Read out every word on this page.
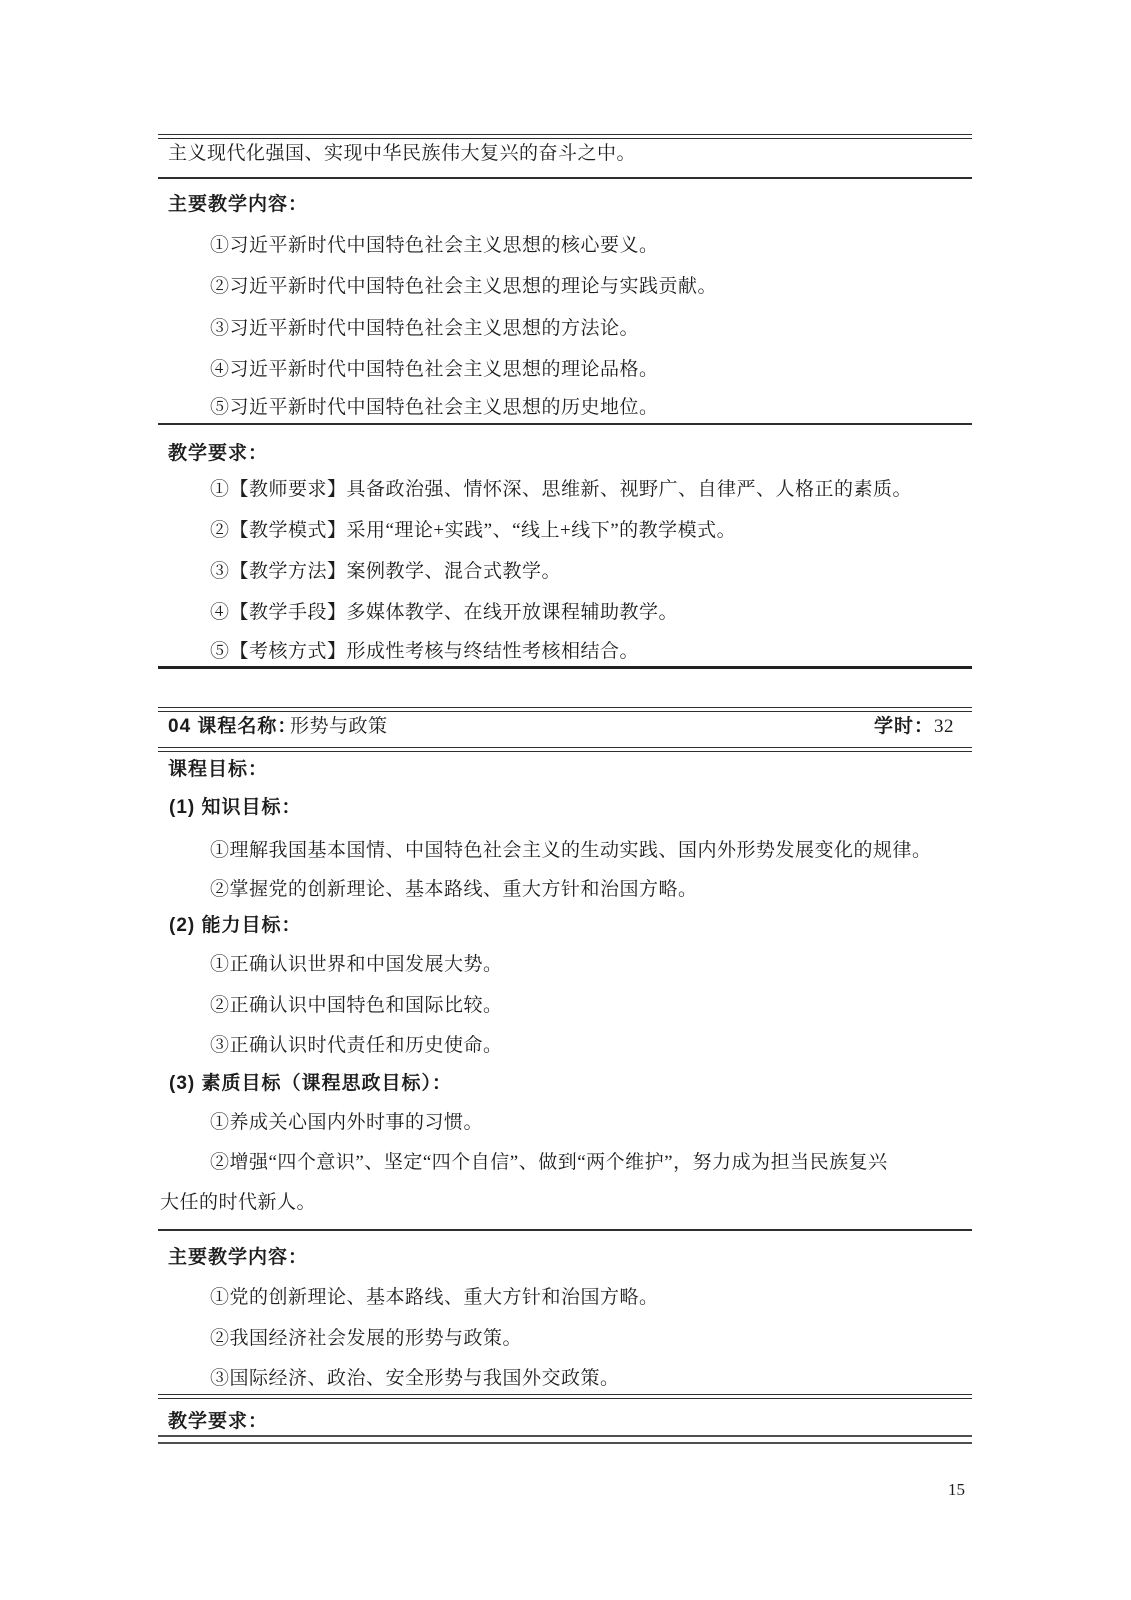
主义现代化强国、实现中华民族伟大复兴的奋斗之中。
主要教学内容：
①习近平新时代中国特色社会主义思想的核心要义。
②习近平新时代中国特色社会主义思想的理论与实践贡献。
③习近平新时代中国特色社会主义思想的方法论。
④习近平新时代中国特色社会主义思想的理论品格。
⑤习近平新时代中国特色社会主义思想的历史地位。
教学要求：
①【教师要求】具备政治强、情怀深、思维新、视野广、自律严、人格正的素质。
②【教学模式】采用“理论+实践”、“线上+线下”的教学模式。
③【教学方法】案例教学、混合式教学。
④【教学手段】多媒体教学、在线开放课程辅助教学。
⑤【考核方式】形成性考核与终结性考核相结合。
04 课程名称：
形势与政策	学时： 32
课程目标：
(1) 知识目标：
①理解我国基本国情、中国特色社会主义的生动实践、国内外形势发展变化的规律。
②掌握党的创新理论、基本路线、重大方针和治国方略。
(2) 能力目标：
①正确认识世界和中国发展大势。
②正确认识中国特色和国际比较。
③正确认识时代责任和历史使命。
(3) 素质目标（课程思政目标）：
①养成关心国内外时事的习惯。
②增强“四个意识”、坚定“四个自信”、做到“两个维护”，努力成为担当民族复兴
大任的时代新人。
主要教学内容：
①党的创新理论、基本路线、重大方针和治国方略。
②我国经济社会发展的形势与政策。
③国际经济、政治、安全形势与我国外交政策。
教学要求：
15
